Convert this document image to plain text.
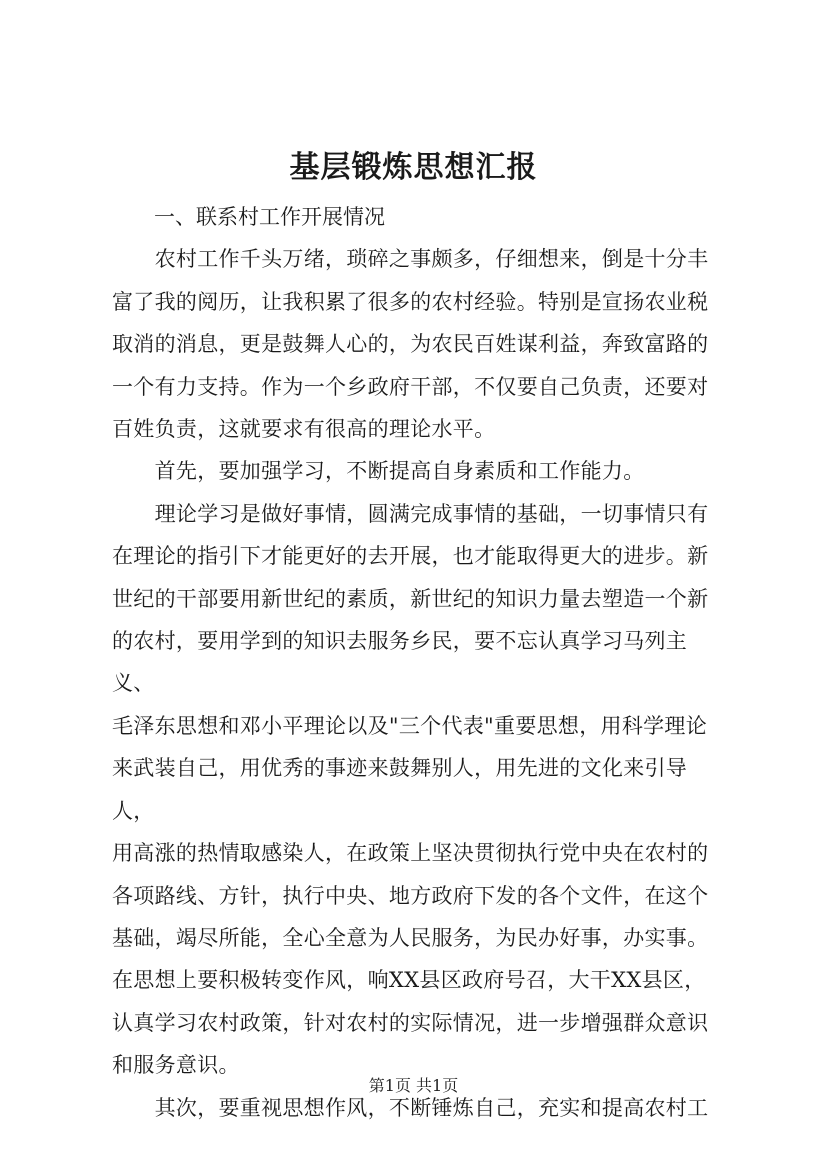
基层锻炼思想汇报

一、联系村工作开展情况

　　农村工作千头万绪，琐碎之事颇多，仔细想来，倒是十分丰
富了我的阅历，让我积累了很多的农村经验。特别是宣扬农业税
取消的消息，更是鼓舞人心的，为农民百姓谋利益，奔致富路的
一个有力支持。作为一个乡政府干部，不仅要自己负责，还要对
百姓负责，这就要求有很高的理论水平。

　　首先，要加强学习，不断提高自身素质和工作能力。

　　理论学习是做好事情，圆满完成事情的基础，一切事情只有
在理论的指引下才能更好的去开展，也才能取得更大的进步。新
世纪的干部要用新世纪的素质，新世纪的知识力量去塑造一个新
的农村，要用学到的知识去服务乡民，要不忘认真学习马列主义、
毛泽东思想和邓小平理论以及"三个代表"重要思想，用科学理论
来武装自己，用优秀的事迹来鼓舞别人，用先进的文化来引导人，
用高涨的热情取感染人，在政策上坚决贯彻执行党中央在农村的
各项路线、方针，执行中央、地方政府下发的各个文件，在这个
基础，竭尽所能，全心全意为人民服务，为民办好事，办实事。
在思想上要积极转变作风，响XX县区政府号召，大干XX县区，
认真学习农村政策，针对农村的实际情况，进一步增强群众意识
和服务意识。

　　其次，要重视思想作风，不断锤炼自己，充实和提高农村工

第1页 共1页
